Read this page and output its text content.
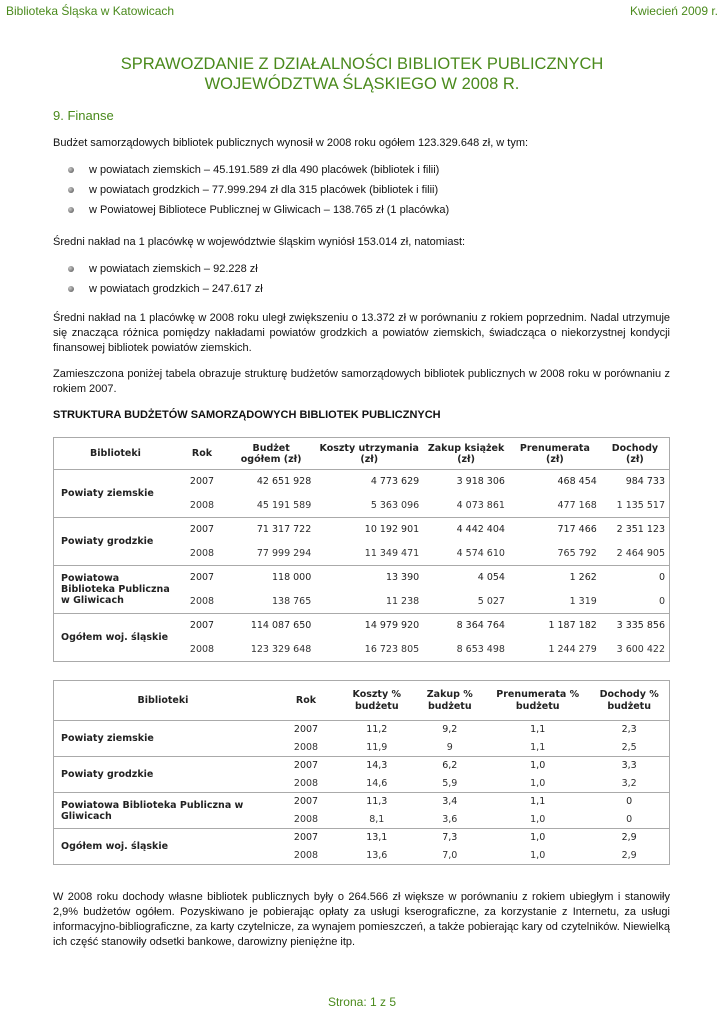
Biblioteka Śląska w Katowicach	Kwiecień 2009 r.
SPRAWOZDANIE Z DZIAŁALNOŚCI BIBLIOTEK PUBLICZNYCH
WOJEWÓDZTWA ŚLĄSKIEGO W 2008 R.
9. Finanse
Budżet samorządowych bibliotek publicznych wynosił w 2008 roku ogółem 123.329.648 zł, w tym:
w powiatach ziemskich – 45.191.589 zł dla 490 placówek (bibliotek i filii)
w powiatach grodzkich – 77.999.294 zł dla 315 placówek (bibliotek i filii)
w Powiatowej Bibliotece Publicznej w Gliwicach – 138.765 zł (1 placówka)
Średni nakład na 1 placówkę w województwie śląskim wyniósł 153.014 zł, natomiast:
w powiatach ziemskich – 92.228 zł
w powiatach grodzkich – 247.617 zł
Średni nakład na 1 placówkę w 2008 roku uległ zwiększeniu o 13.372 zł w porównaniu z rokiem poprzednim. Nadal utrzymuje się znacząca różnica pomiędzy nakładami powiatów grodzkich a powiatów ziemskich, świadcząca o niekorzystnej kondycji finansowej bibliotek powiatów ziemskich.
Zamieszczona poniżej tabela obrazuje strukturę budżetów samorządowych bibliotek publicznych w 2008 roku w porównaniu z rokiem 2007.
STRUKTURA BUDŻETÓW SAMORZĄDOWYCH BIBLIOTEK PUBLICZNYCH
Biblioteki	Rok	Budżet ogółem (zł)	Koszty utrzymania (zł)	Zakup książek (zł)	Prenumerata (zł)	Dochody (zł)
Powiaty ziemskie	2007	42 651 928	4 773 629	3 918 306	468 454	984 733
	2008	45 191 589	5 363 096	4 073 861	477 168	1 135 517
Powiaty grodzkie	2007	71 317 722	10 192 901	4 442 404	717 466	2 351 123
	2008	77 999 294	11 349 471	4 574 610	765 792	2 464 905
Powiatowa Biblioteka Publiczna w Gliwicach	2007	118 000	13 390	4 054	1 262	0
	2008	138 765	11 238	5 027	1 319	0
Ogółem woj. śląskie	2007	114 087 650	14 979 920	8 364 764	1 187 182	3 335 856
	2008	123 329 648	16 723 805	8 653 498	1 244 279	3 600 422
Biblioteki	Rok	Koszty % budżetu	Zakup % budżetu	Prenumerata % budżetu	Dochody % budżetu
Powiaty ziemskie	2007	11,2	9,2	1,1	2,3
	2008	11,9	9	1,1	2,5
Powiaty grodzkie	2007	14,3	6,2	1,0	3,3
	2008	14,6	5,9	1,0	3,2
Powiatowa Biblioteka Publiczna w Gliwicach	2007	11,3	3,4	1,1	0
	2008	8,1	3,6	1,0	0
Ogółem woj. śląskie	2007	13,1	7,3	1,0	2,9
	2008	13,6	7,0	1,0	2,9
W 2008 roku dochody własne bibliotek publicznych były o 264.566 zł większe w porównaniu z rokiem ubiegłym i stanowiły 2,9% budżetów ogółem. Pozyskiwano je pobierając opłaty za usługi kserograficzne, za korzystanie z Internetu, za usługi informacyjno-bibliograficzne, za karty czytelnicze, za wynajem pomieszczeń, a także pobierając kary od czytelników. Niewielką ich część stanowiły odsetki bankowe, darowizny pieniężne itp.
Strona: 1 z 5
